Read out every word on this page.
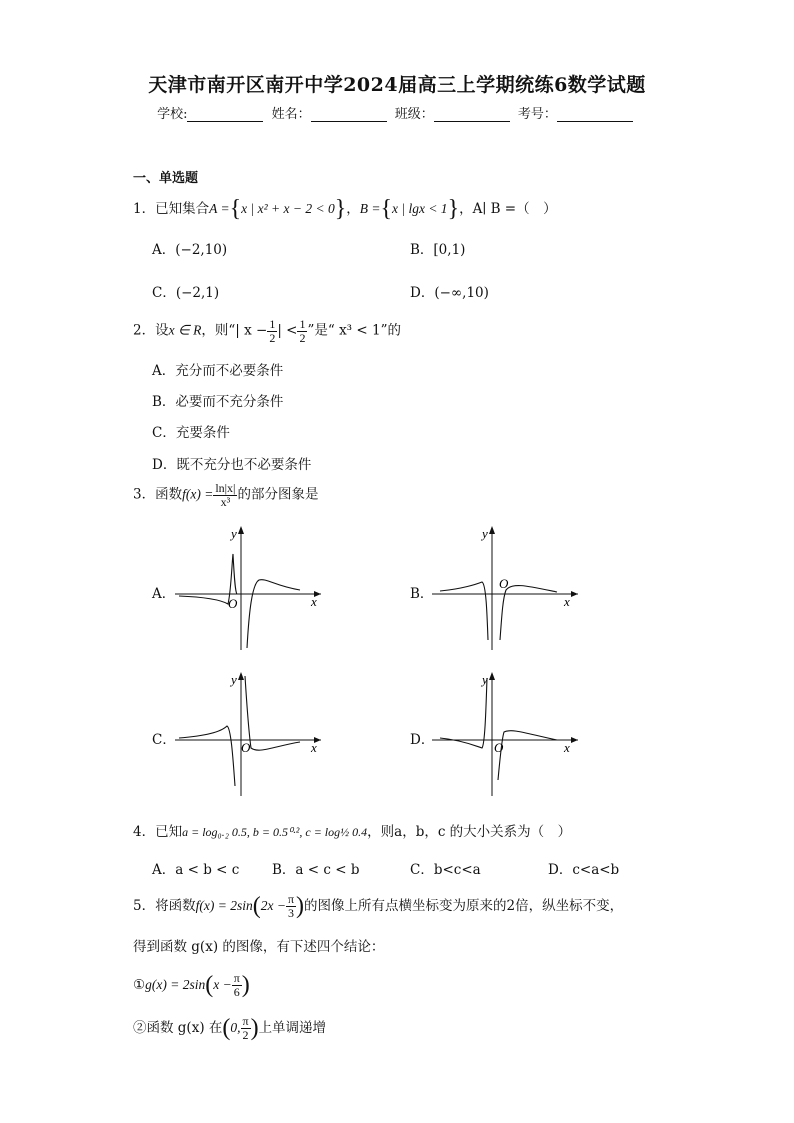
天津市南开区南开中学2024届高三上学期统练6数学试题
学校:	姓名：	班级：	考号：
一、单选题
1．已知集合A ={x | x² + x − 2 < 0}，B ={x | lgx < 1}，A∣ B =（　）
A．(−2,10)	B．[0,1)
C．(−2,1)	D．(−∞,10)
2．设x ∈ R，则“| $x - \frac{1}{2}$ | < $\frac{1}{2}$ ”是“ x³ < 1”的
A．充分而不必要条件
B．必要而不充分条件
C．充要条件
D．既不充分也不必要条件
3．函数$f(x) = \frac{\ln|x|}{\text{x³}}$ 的部分图象是
A．	B．
C．	D．
y
x
O
y
x
O
y
x
O
y
x
O
4．已知a = log₀.₂ 0.5, b = 0.5⁰·², c = log½ 0.4，则a，b，c 的大小关系为（　）
A．a < b < c B．a < c < b	C．b<c<a	D．c<a<b
5．将函数$f(x) = 2\sin(2x - \frac{\pi}{3}$ )的图像上所有点横坐标变为原来的2倍，纵坐标不变，
得到函数 g(x) 的图像，有下述四个结论：
①g(x) = $2\sin(x - \frac{\pi}{6}$ )
②函数 g(x) 在(0, $\frac{\pi}{2}$ )上单调递增
